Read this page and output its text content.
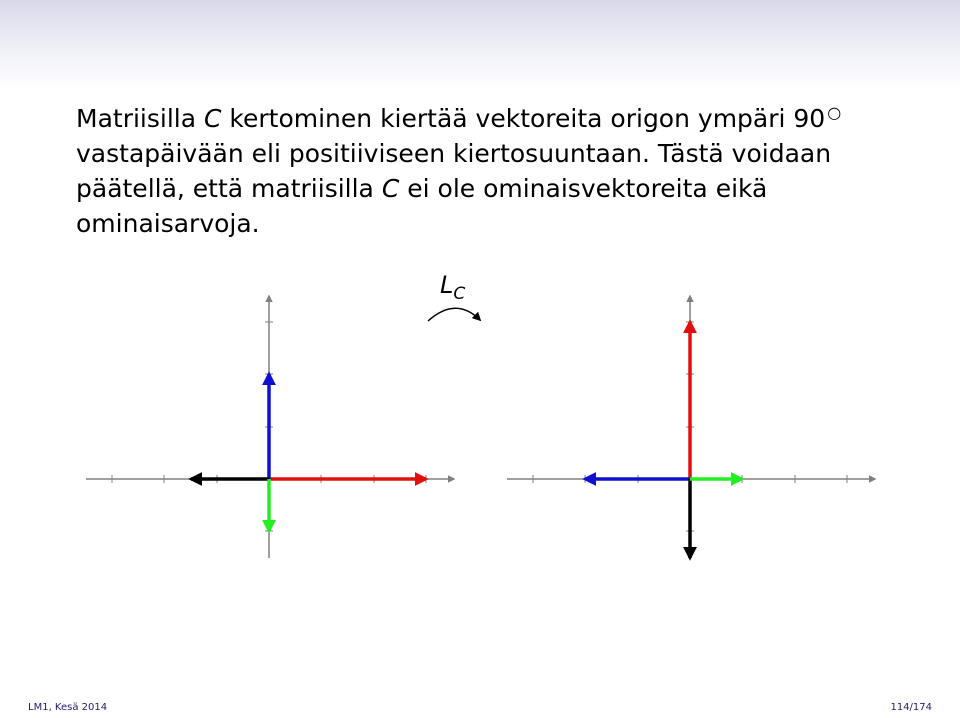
Matriisilla C kertominen kiertää vektoreita origon ympäri 90 ○ vastapäivään eli positiiviseen kiertosuuntaan. Tästä voidaan päätellä, että matriisilla C ei ole ominaisvektoreita eikä ominaisarvoja.
$L_C$
LM1, Kesä 2014	114/174
